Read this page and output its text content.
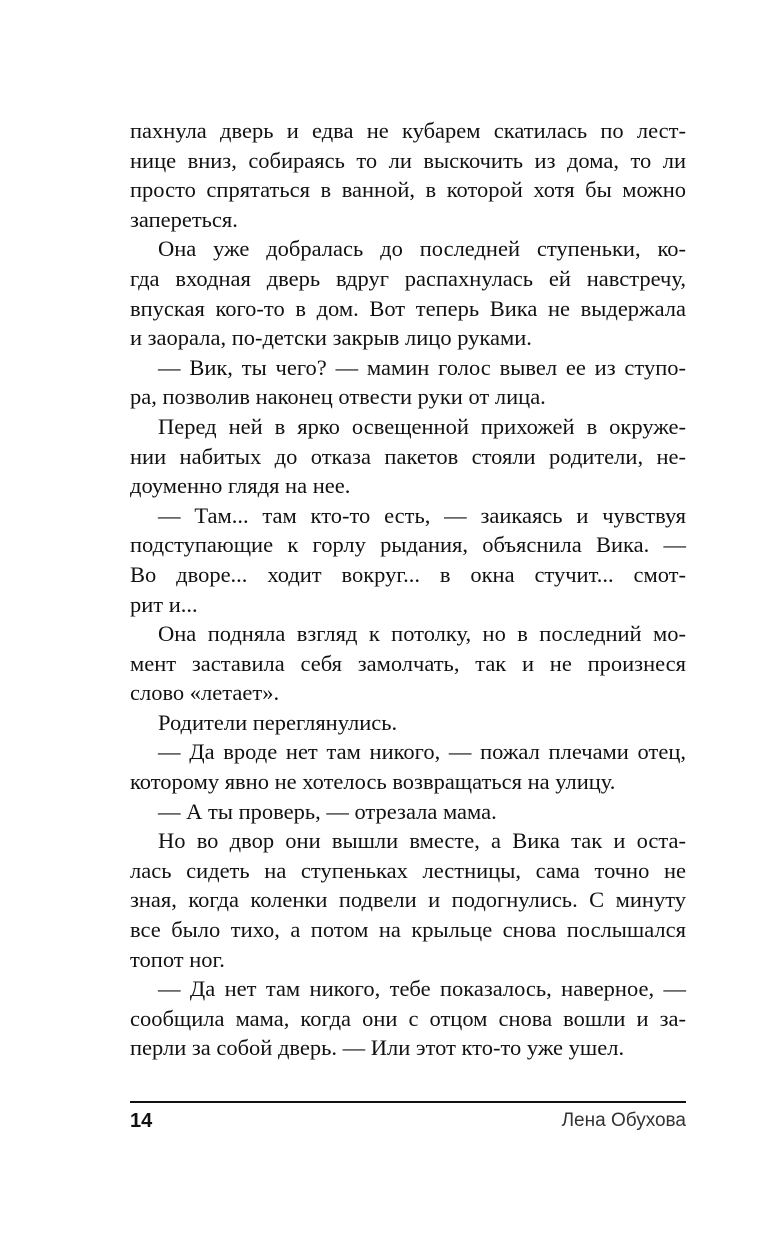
пахнула дверь и едва не кубарем скатилась по лест-
нице вниз, собираясь то ли выскочить из дома, то ли
просто спрятаться в ванной, в которой хотя бы можно
запереться.
Она уже добралась до последней ступеньки, ко-
гда входная дверь вдруг распахнулась ей навстречу,
впуская кого-то в дом. Вот теперь Вика не выдержала
и заорала, по-детски закрыв лицо руками.
— Вик, ты чего? — мамин голос вывел ее из ступо-
ра, позволив наконец отвести руки от лица.
Перед ней в ярко освещенной прихожей в окруже-
нии набитых до отказа пакетов стояли родители, не-
доуменно глядя на нее.
— Там... там кто-то есть, — заикаясь и чувствуя
подступающие к горлу рыдания, объяснила Вика. —
Во дворе... ходит вокруг... в окна стучит... смот-
рит и...
Она подняла взгляд к потолку, но в последний мо-
мент заставила себя замолчать, так и не произнеся
слово «летает».
Родители переглянулись.
— Да вроде нет там никого, — пожал плечами отец,
которому явно не хотелось возвращаться на улицу.
— А ты проверь, — отрезала мама.
Но во двор они вышли вместе, а Вика так и оста-
лась сидеть на ступеньках лестницы, сама точно не
зная, когда коленки подвели и подогнулись. С минуту
все было тихо, а потом на крыльце снова послышался
топот ног.
— Да нет там никого, тебе показалось, наверное, —
сообщила мама, когда они с отцом снова вошли и за-
перли за собой дверь. — Или этот кто-то уже ушел.
14	Лена Обухова
